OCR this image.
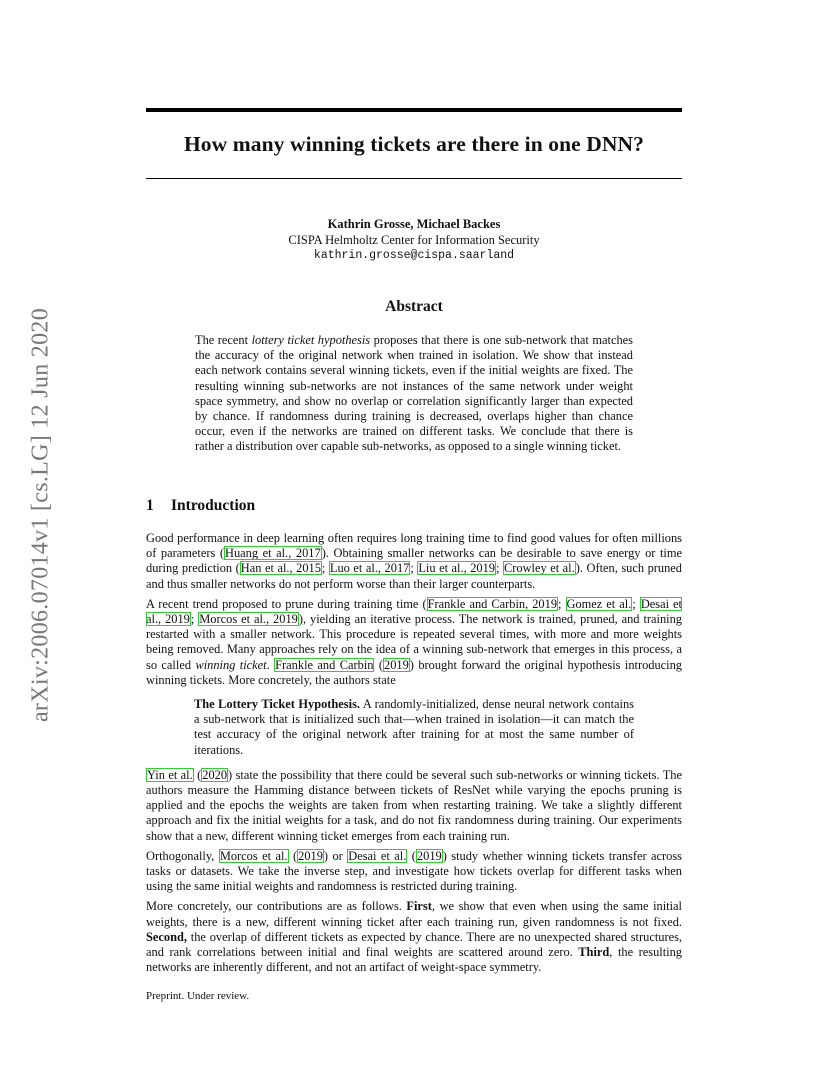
arXiv:2006.07014v1 [cs.LG] 12 Jun 2020
How many winning tickets are there in one DNN?
Kathrin Grosse, Michael Backes
CISPA Helmholtz Center for Information Security
kathrin.grosse@cispa.saarland
Abstract
The recent lottery ticket hypothesis proposes that there is one sub-network that matches the accuracy of the original network when trained in isolation. We show that instead each network contains several winning tickets, even if the initial weights are fixed. The resulting winning sub-networks are not instances of the same network under weight space symmetry, and show no overlap or correlation significantly larger than expected by chance. If randomness during training is decreased, overlaps higher than chance occur, even if the networks are trained on different tasks. We conclude that there is rather a distribution over capable sub-networks, as opposed to a single winning ticket.
1 Introduction

Good performance in deep learning often requires long training time to find good values for often millions of parameters (Huang et al., 2017). Obtaining smaller networks can be desirable to save energy or time during prediction (Han et al., 2015; Luo et al., 2017; Liu et al., 2019; Crowley et al.). Often, such pruned and thus smaller networks do not perform worse than their larger counterparts.

A recent trend proposed to prune during training time (Frankle and Carbin, 2019; Gomez et al.; Desai et al., 2019; Morcos et al., 2019), yielding an iterative process. The network is trained, pruned, and training restarted with a smaller network. This procedure is repeated several times, with more and more weights being removed. Many approaches rely on the idea of a winning sub-network that emerges in this process, a so called winning ticket. Frankle and Carbin (2019) brought forward the original hypothesis introducing winning tickets. More concretely, the authors state

The Lottery Ticket Hypothesis. A randomly-initialized, dense neural network contains a sub-network that is initialized such that—when trained in isolation—it can match the test accuracy of the original network after training for at most the same number of iterations.

Yin et al. (2020) state the possibility that there could be several such sub-networks or winning tickets. The authors measure the Hamming distance between tickets of ResNet while varying the epochs pruning is applied and the epochs the weights are taken from when restarting training. We take a slightly different approach and fix the initial weights for a task, and do not fix randomness during training. Our experiments show that a new, different winning ticket emerges from each training run.

Orthogonally, Morcos et al. (2019) or Desai et al. (2019) study whether winning tickets transfer across tasks or datasets. We take the inverse step, and investigate how tickets overlap for different tasks when using the same initial weights and randomness is restricted during training.

More concretely, our contributions are as follows. First, we show that even when using the same initial weights, there is a new, different winning ticket after each training run, given randomness is not fixed. Second, the overlap of different tickets as expected by chance. There are no unexpected shared structures, and rank correlations between initial and final weights are scattered around zero. Third, the resulting networks are inherently different, and not an artifact of weight-space symmetry.

Preprint. Under review.
